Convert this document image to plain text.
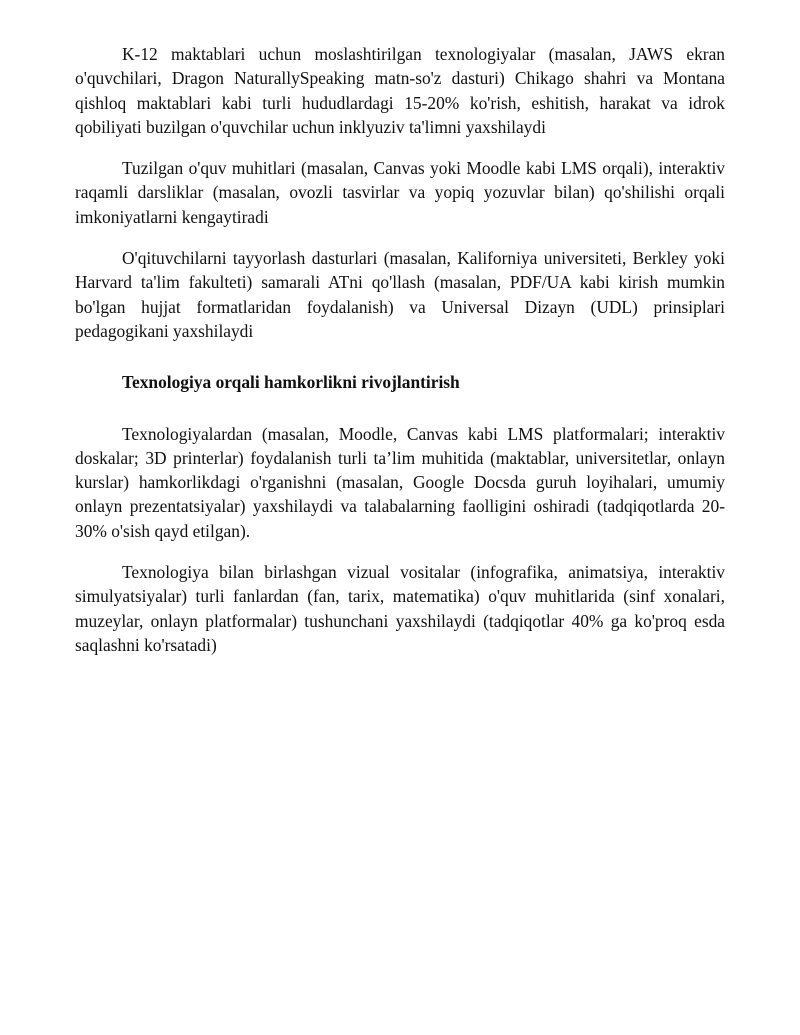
K-12 maktablari uchun moslashtirilgan texnologiyalar (masalan, JAWS ekran o'quvchilari, Dragon NaturallySpeaking matn-so'z dasturi) Chikago shahri va Montana qishloq maktablari kabi turli hududlardagi 15-20% ko'rish, eshitish, harakat va idrok qobiliyati buzilgan o'quvchilar uchun inklyuziv ta'limni yaxshilaydi

Tuzilgan o'quv muhitlari (masalan, Canvas yoki Moodle kabi LMS orqali), interaktiv raqamli darsliklar (masalan, ovozli tasvirlar va yopiq yozuvlar bilan) qo'shilishi orqali imkoniyatlarni kengaytiradi

O'qituvchilarni tayyorlash dasturlari (masalan, Kaliforniya universiteti, Berkley yoki Harvard ta'lim fakulteti) samarali ATni qo'llash (masalan, PDF/UA kabi kirish mumkin bo'lgan hujjat formatlaridan foydalanish) va Universal Dizayn (UDL) prinsiplari pedagogikani yaxshilaydi

Texnologiya orqali hamkorlikni rivojlantirish

Texnologiyalardan (masalan, Moodle, Canvas kabi LMS platformalari; interaktiv doskalar; 3D printerlar) foydalanish turli ta’lim muhitida (maktablar, universitetlar, onlayn kurslar) hamkorlikdagi o'rganishni (masalan, Google Docsda guruh loyihalari, umumiy onlayn prezentatsiyalar) yaxshilaydi va talabalarning faolligini oshiradi (tadqiqotlarda 20-30% o'sish qayd etilgan).

Texnologiya bilan birlashgan vizual vositalar (infografika, animatsiya, interaktiv simulyatsiyalar) turli fanlardan (fan, tarix, matematika) o'quv muhitlarida (sinf xonalari, muzeylar, onlayn platformalar) tushunchani yaxshilaydi (tadqiqotlar 40% ga ko'proq esda saqlashni ko'rsatadi)
